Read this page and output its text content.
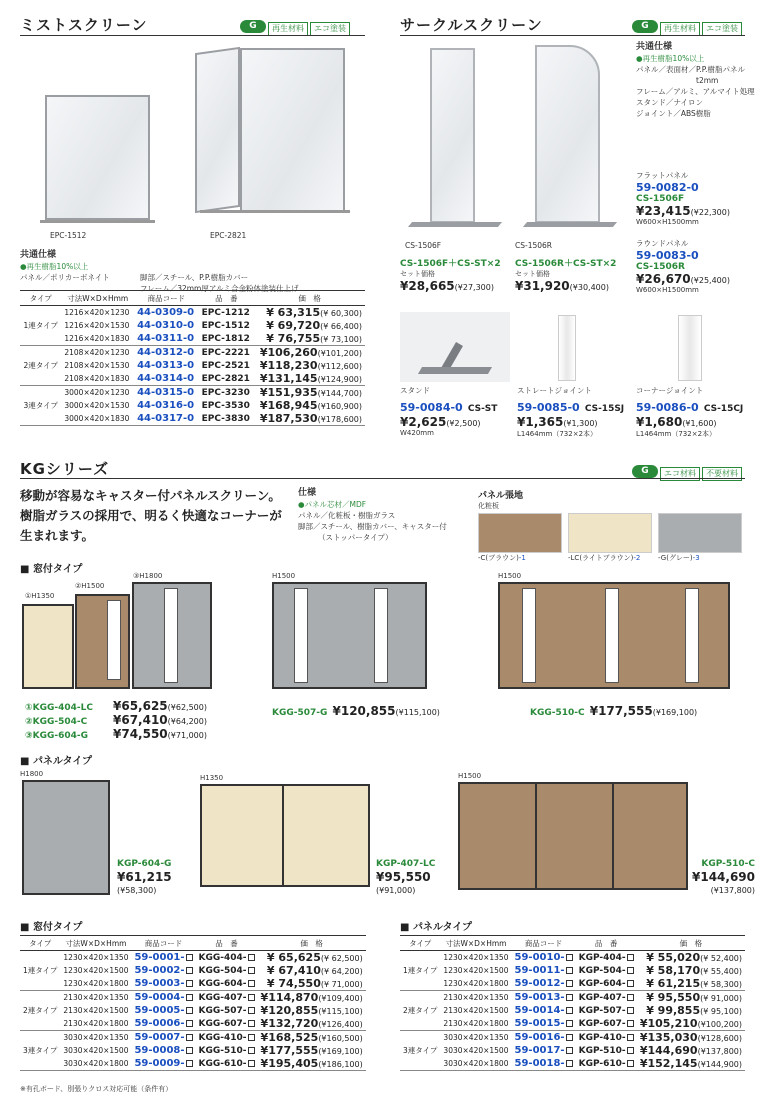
ミストスクリーン	G 再生材料 エコ塗装
EPC-1512	EPC-2821
共通仕様
●再生樹脂10%以上
パネル／ポリカーボネイト	脚部／スチール、P.P.樹脂カバー
フレーム／32mm厚アルミ合金粉体塗装仕上げ
タイプ	寸法W×D×Hmm	商品コード	品　番	価　格
1連タイプ	1216×420×1230	44-0309-0	EPC-1212	¥ 63,315(¥ 60,300)
	1216×420×1530	44-0310-0	EPC-1512	¥ 69,720(¥ 66,400)
	1216×420×1830	44-0311-0	EPC-1812	¥ 76,755(¥ 73,100)
2連タイプ	2108×420×1230	44-0312-0	EPC-2221	¥106,260(¥101,200)
	2108×420×1530	44-0313-0	EPC-2521	¥118,230(¥112,600)
	2108×420×1830	44-0314-0	EPC-2821	¥131,145(¥124,900)
3連タイプ	3000×420×1230	44-0315-0	EPC-3230	¥151,935(¥144,700)
	3000×420×1530	44-0316-0	EPC-3530	¥168,945(¥160,900)
	3000×420×1830	44-0317-0	EPC-3830	¥187,530(¥178,600)
サークルスクリーン	G 再生材料 エコ塗装
CS-1506F	CS-1506R
共通仕様
●再生樹脂10%以上
パネル／表面材／P.P.樹脂パネル
t2mm
フレーム／アルミ、アルマイト処理
スタンド／ナイロン
ジョイント／ABS樹脂
フラットパネル
59-0082-0
CS-1506F
¥23,415(¥22,300)
W600×H1500mm
ラウンドパネル
59-0083-0
CS-1506R
¥26,670(¥25,400)
W600×H1500mm
CS-1506F＋CS-ST×2
セット価格
¥28,665(¥27,300)
CS-1506R＋CS-ST×2
セット価格
¥31,920(¥30,400)
スタンド
59-0084-0 CS-ST
¥2,625(¥2,500)
W420mm
ストレートジョイント
59-0085-0 CS-15SJ
¥1,365(¥1,300)
L1464mm（732×2本）
コーナージョイント
59-0086-0 CS-15CJ
¥1,680(¥1,600)
L1464mm（732×2本）
KGシリーズ	G エコ材料 不要材料
移動が容易なキャスター付パネルスクリーン。
樹脂ガラスの採用で、明るく快適なコーナーが
生まれます。
仕様
●パネル芯材／MDF
パネル／化粧板・樹脂ガラス
脚部／スチール、樹脂カバー、キャスター付
（ストッパータイプ）
パネル張地
化粧板
-C(ブラウン)-1	-LC(ライトブラウン)-2	-G(グレー)-3
■ 窓付タイプ
①H1350
②H1500
③H1800
①KGG-404-LC ¥65,625(¥62,500)
②KGG-504-C ¥67,410(¥64,200)
③KGG-604-G ¥74,550(¥71,000)
H1500
KGG-507-G ¥120,855(¥115,100)
H1500
KGG-510-C ¥177,555(¥169,100)
■ パネルタイプ
H1800
KGP-604-G
¥61,215
(¥58,300)
H1350
KGP-407-LC
¥95,550
(¥91,000)
H1500
KGP-510-C
¥144,690
(¥137,800)
■ 窓付タイプ
タイプ	寸法W×D×Hmm	商品コード	品　番	価　格
1連タイプ	1230×420×1350	59-0001-	KGG-404-	¥ 65,625(¥ 62,500)
	1230×420×1500	59-0002-	KGG-504-	¥ 67,410(¥ 64,200)
	1230×420×1800	59-0003-	KGG-604-	¥ 74,550(¥ 71,000)
2連タイプ	2130×420×1350	59-0004-	KGG-407-	¥114,870(¥109,400)
	2130×420×1500	59-0005-	KGG-507-	¥120,855(¥115,100)
	2130×420×1800	59-0006-	KGG-607-	¥132,720(¥126,400)
3連タイプ	3030×420×1350	59-0007-	KGG-410-	¥168,525(¥160,500)
	3030×420×1500	59-0008-	KGG-510-	¥177,555(¥169,100)
	3030×420×1800	59-0009-	KGG-610-	¥195,405(¥186,100)
■ パネルタイプ
タイプ	寸法W×D×Hmm	商品コード	品　番	価　格
1連タイプ	1230×420×1350	59-0010-	KGP-404-	¥ 55,020(¥ 52,400)
	1230×420×1500	59-0011-	KGP-504-	¥ 58,170(¥ 55,400)
	1230×420×1800	59-0012-	KGP-604-	¥ 61,215(¥ 58,300)
2連タイプ	2130×420×1350	59-0013-	KGP-407-	¥ 95,550(¥ 91,000)
	2130×420×1500	59-0014-	KGP-507-	¥ 99,855(¥ 95,100)
	2130×420×1800	59-0015-	KGP-607-	¥105,210(¥100,200)
3連タイプ	3030×420×1350	59-0016-	KGP-410-	¥135,030(¥128,600)
	3030×420×1500	59-0017-	KGP-510-	¥144,690(¥137,800)
	3030×420×1800	59-0018-	KGP-610-	¥152,145(¥144,900)
※有孔ボード、別張りクロス対応可能（条件有）
